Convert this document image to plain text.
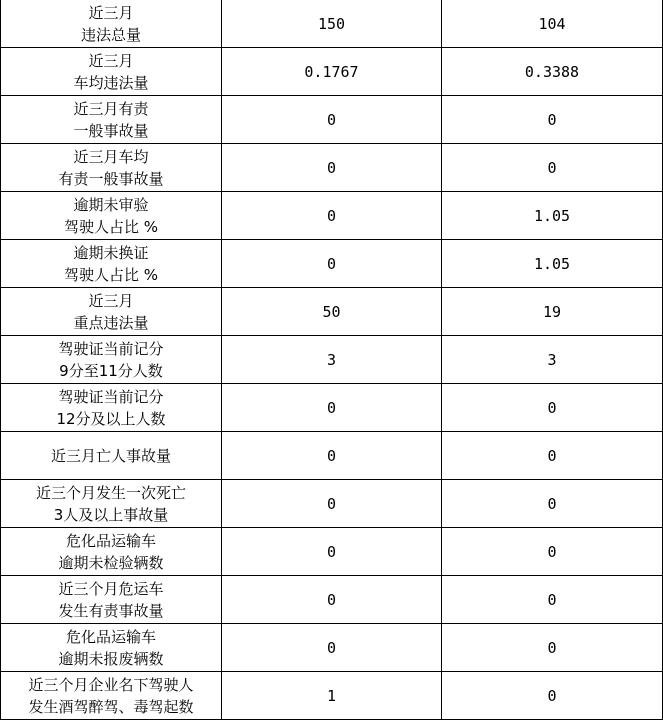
近三月
违法总量	150	104

近三月
车均违法量	0.1767	0.3388

近三月有责
一般事故量	0	0

近三月车均
有责一般事故量	0	0

逾期未审验
驾驶人占比 %	0	1.05

逾期未换证
驾驶人占比 %	0	1.05

近三月
重点违法量	50	19

驾驶证当前记分
9分至11分人数	3	3

驾驶证当前记分
12分及以上人数	0	0

近三月亡人事故量	0	0

近三个月发生一次死亡
3人及以上事故量	0	0

危化品运输车
逾期未检验辆数	0	0

近三个月危运车
发生有责事故量	0	0

危化品运输车
逾期未报废辆数	0	0

近三个月企业名下驾驶人
发生酒驾醉驾、毒驾起数	1	0
